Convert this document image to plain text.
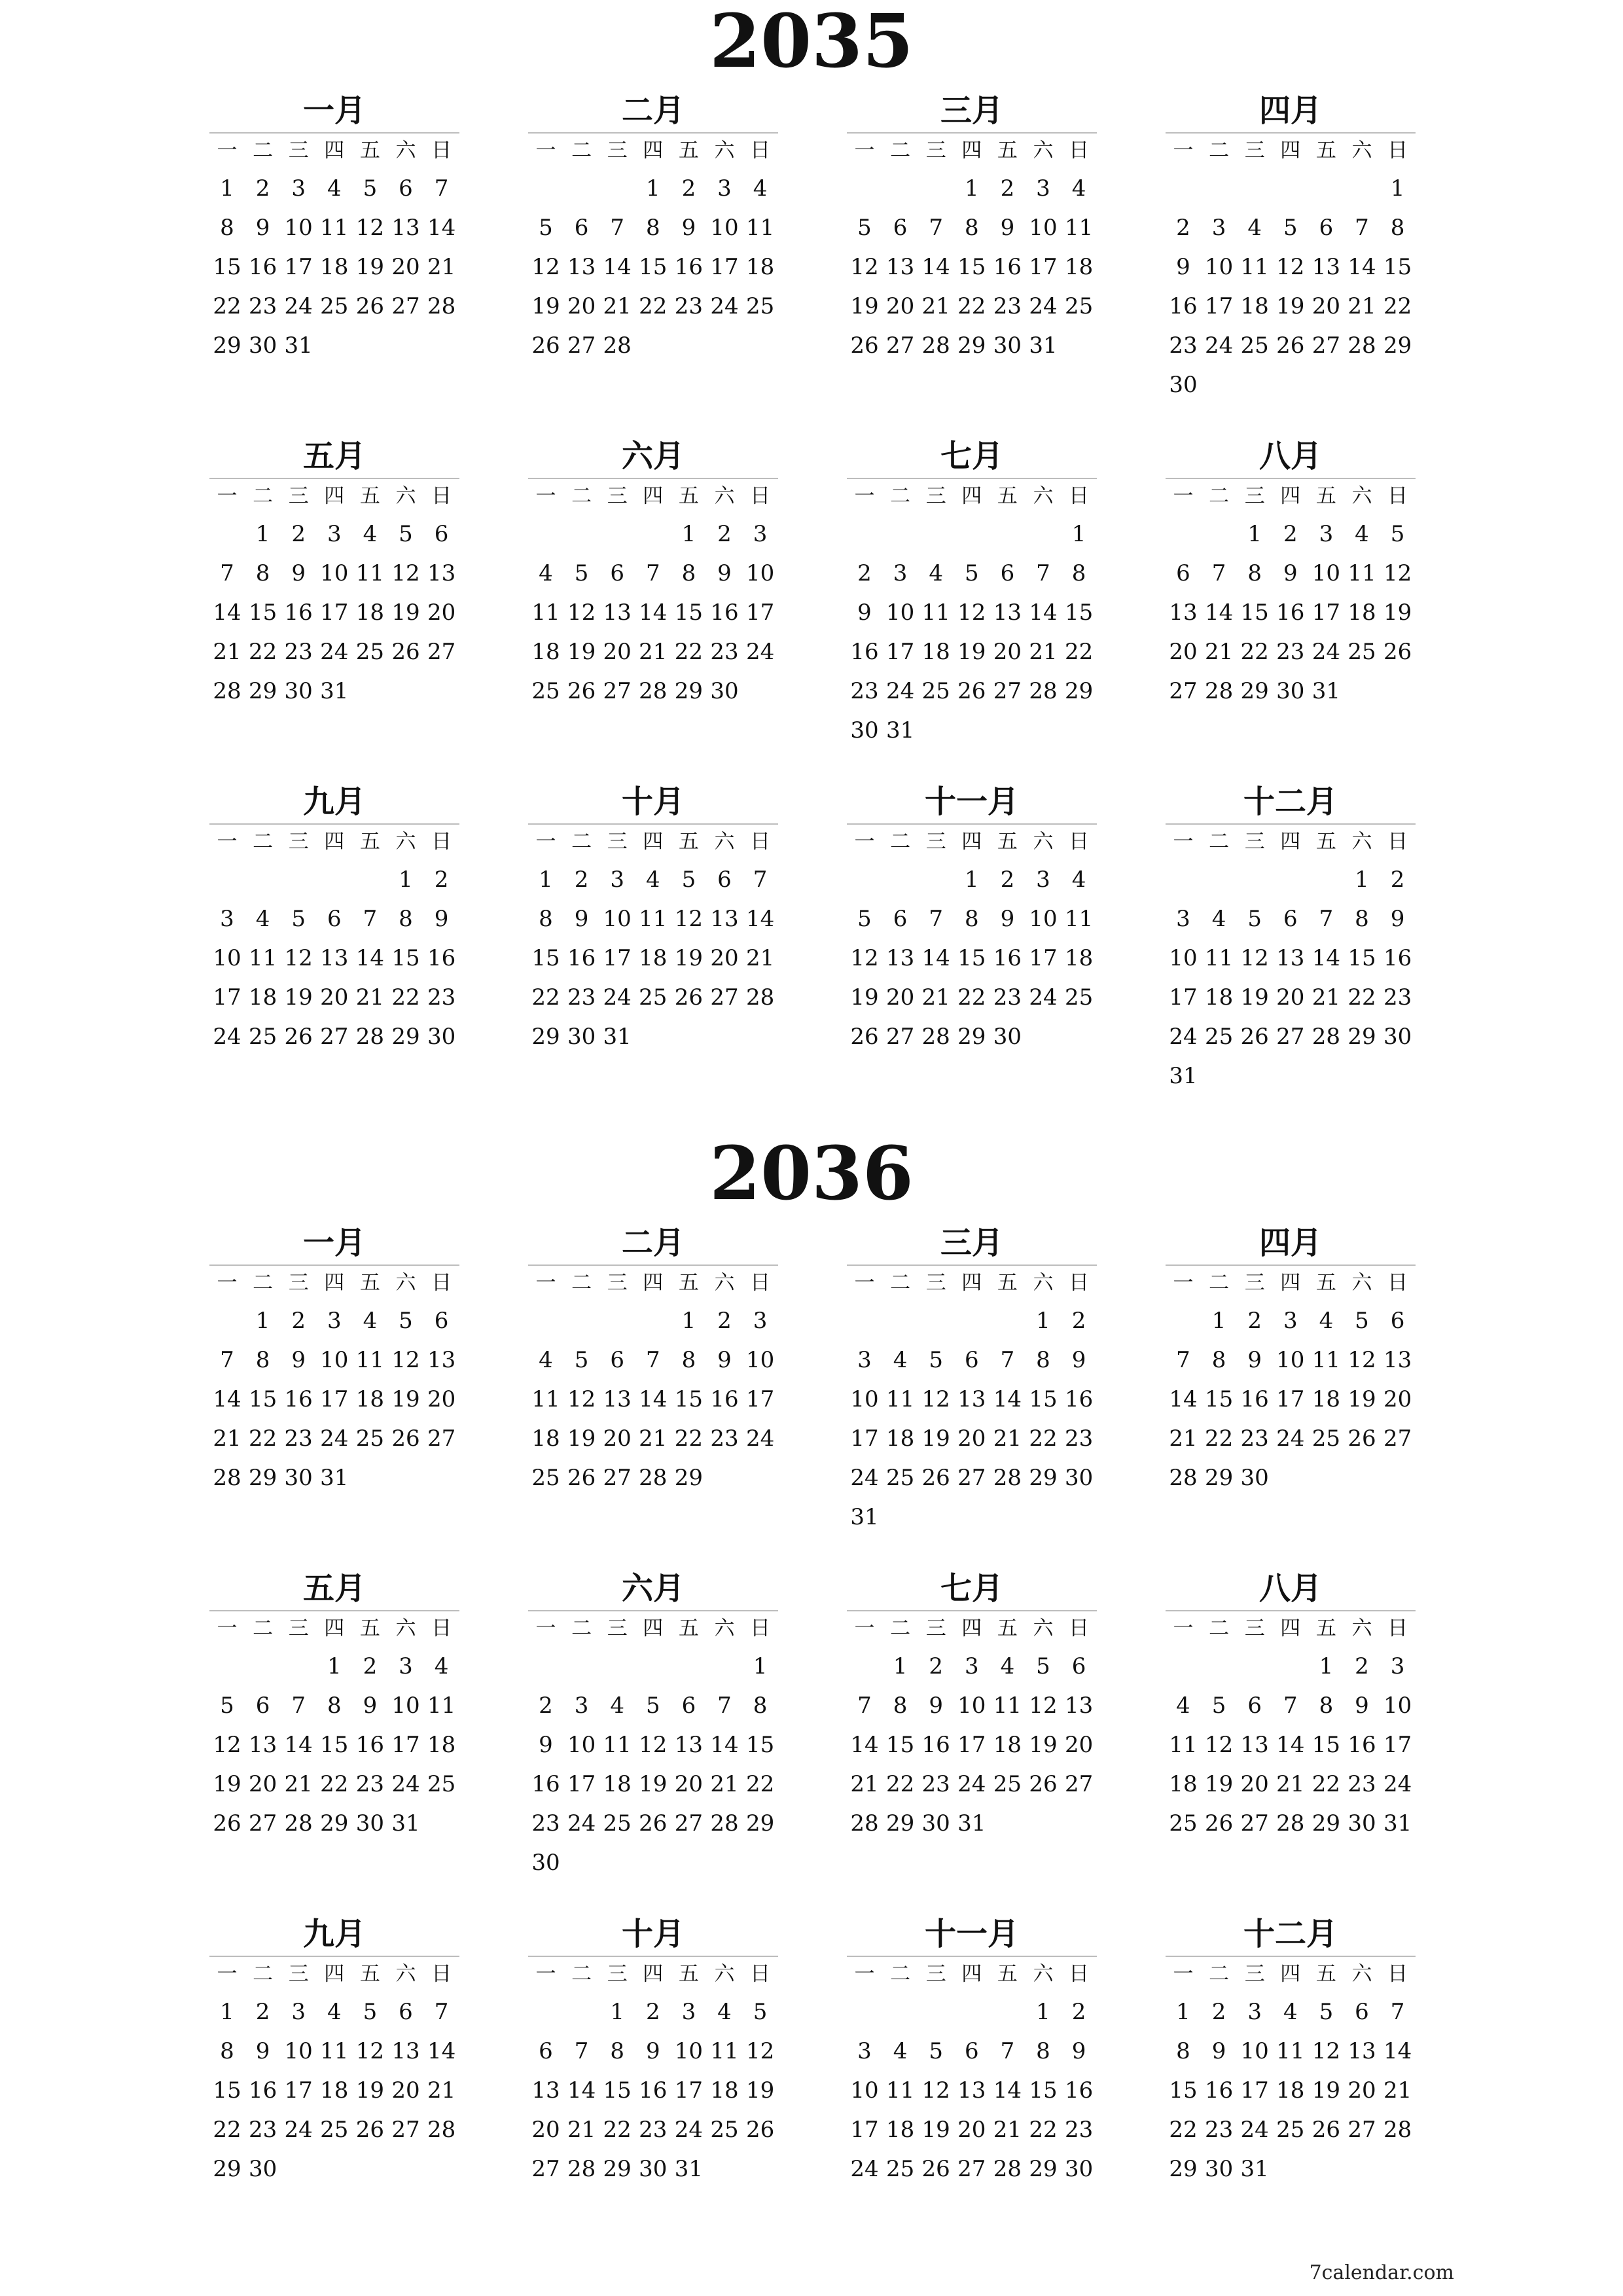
2035
一月
一 二 三 四 五 六 日
1 2 3 4 5 6 7
8 9 10 11 12 13 14
15 16 17 18 19 20 21
22 23 24 25 26 27 28
29 30 31
二月
一 二 三 四 五 六 日
1 2 3 4
5 6 7 8 9 10 11
12 13 14 15 16 17 18
19 20 21 22 23 24 25
26 27 28
三月
一 二 三 四 五 六 日
1 2 3 4
5 6 7 8 9 10 11
12 13 14 15 16 17 18
19 20 21 22 23 24 25
26 27 28 29 30 31
四月
一 二 三 四 五 六 日
1
2 3 4 5 6 7 8
9 10 11 12 13 14 15
16 17 18 19 20 21 22
23 24 25 26 27 28 29
30
五月
一 二 三 四 五 六 日
1 2 3 4 5 6
7 8 9 10 11 12 13
14 15 16 17 18 19 20
21 22 23 24 25 26 27
28 29 30 31
六月
一 二 三 四 五 六 日
1 2 3
4 5 6 7 8 9 10
11 12 13 14 15 16 17
18 19 20 21 22 23 24
25 26 27 28 29 30
七月
一 二 三 四 五 六 日
1
2 3 4 5 6 7 8
9 10 11 12 13 14 15
16 17 18 19 20 21 22
23 24 25 26 27 28 29
30 31
八月
一 二 三 四 五 六 日
1 2 3 4 5
6 7 8 9 10 11 12
13 14 15 16 17 18 19
20 21 22 23 24 25 26
27 28 29 30 31
九月
一 二 三 四 五 六 日
1 2
3 4 5 6 7 8 9
10 11 12 13 14 15 16
17 18 19 20 21 22 23
24 25 26 27 28 29 30
十月
一 二 三 四 五 六 日
1 2 3 4 5 6 7
8 9 10 11 12 13 14
15 16 17 18 19 20 21
22 23 24 25 26 27 28
29 30 31
十一月
一 二 三 四 五 六 日
1 2 3 4
5 6 7 8 9 10 11
12 13 14 15 16 17 18
19 20 21 22 23 24 25
26 27 28 29 30
十二月
一 二 三 四 五 六 日
1 2
3 4 5 6 7 8 9
10 11 12 13 14 15 16
17 18 19 20 21 22 23
24 25 26 27 28 29 30
31
2036
一月
一 二 三 四 五 六 日
1 2 3 4 5 6
7 8 9 10 11 12 13
14 15 16 17 18 19 20
21 22 23 24 25 26 27
28 29 30 31
二月
一 二 三 四 五 六 日
1 2 3
4 5 6 7 8 9 10
11 12 13 14 15 16 17
18 19 20 21 22 23 24
25 26 27 28 29
三月
一 二 三 四 五 六 日
1 2
3 4 5 6 7 8 9
10 11 12 13 14 15 16
17 18 19 20 21 22 23
24 25 26 27 28 29 30
31
四月
一 二 三 四 五 六 日
1 2 3 4 5 6
7 8 9 10 11 12 13
14 15 16 17 18 19 20
21 22 23 24 25 26 27
28 29 30
五月
一 二 三 四 五 六 日
1 2 3 4
5 6 7 8 9 10 11
12 13 14 15 16 17 18
19 20 21 22 23 24 25
26 27 28 29 30 31
六月
一 二 三 四 五 六 日
1
2 3 4 5 6 7 8
9 10 11 12 13 14 15
16 17 18 19 20 21 22
23 24 25 26 27 28 29
30
七月
一 二 三 四 五 六 日
1 2 3 4 5 6
7 8 9 10 11 12 13
14 15 16 17 18 19 20
21 22 23 24 25 26 27
28 29 30 31
八月
一 二 三 四 五 六 日
1 2 3
4 5 6 7 8 9 10
11 12 13 14 15 16 17
18 19 20 21 22 23 24
25 26 27 28 29 30 31
九月
一 二 三 四 五 六 日
1 2 3 4 5 6 7
8 9 10 11 12 13 14
15 16 17 18 19 20 21
22 23 24 25 26 27 28
29 30
十月
一 二 三 四 五 六 日
1 2 3 4 5
6 7 8 9 10 11 12
13 14 15 16 17 18 19
20 21 22 23 24 25 26
27 28 29 30 31
十一月
一 二 三 四 五 六 日
1 2
3 4 5 6 7 8 9
10 11 12 13 14 15 16
17 18 19 20 21 22 23
24 25 26 27 28 29 30
十二月
一 二 三 四 五 六 日
1 2 3 4 5 6 7
8 9 10 11 12 13 14
15 16 17 18 19 20 21
22 23 24 25 26 27 28
29 30 31
7calendar.com
